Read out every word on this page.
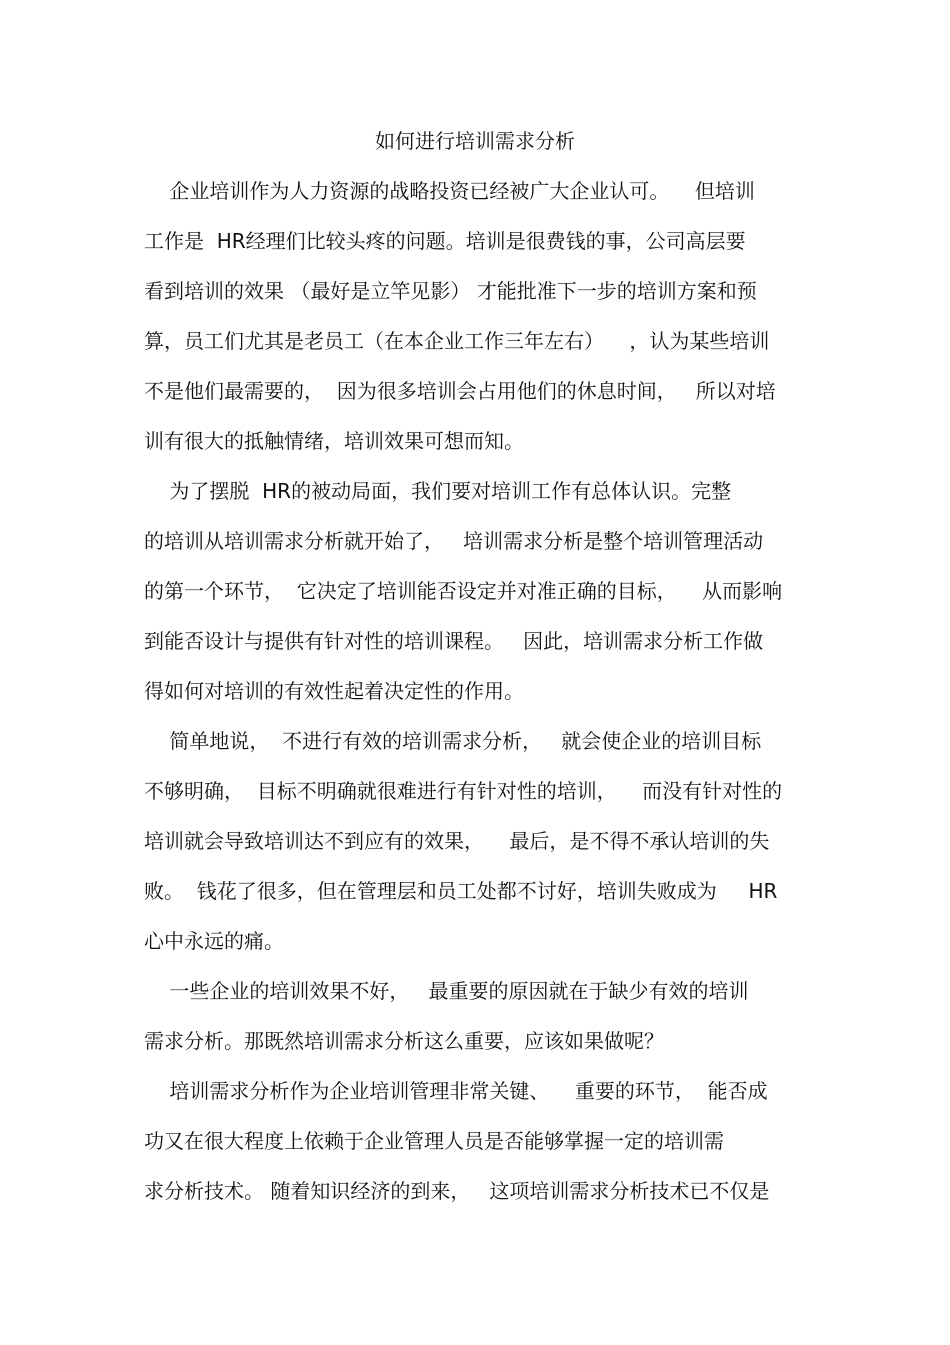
如何进行培训需求分析
企业培训作为人力资源的战略投资已经被广大企业认可。    但培训
工作是  HR经理们比较头疼的问题。培训是很费钱的事，公司高层要
看到培训的效果 （最好是立竿见影） 才能批准下一步的培训方案和预
算，员工们尤其是老员工（在本企业工作三年左右）    ，认为某些培训
不是他们最需要的，  因为很多培训会占用他们的休息时间，   所以对培
训有很大的抵触情绪，培训效果可想而知。
为了摆脱  HR的被动局面，我们要对培训工作有总体认识。完整
的培训从培训需求分析就开始了，   培训需求分析是整个培训管理活动
的第一个环节，  它决定了培训能否设定并对准正确的目标，    从而影响
到能否设计与提供有针对性的培训课程。   因此，培训需求分析工作做
得如何对培训的有效性起着决定性的作用。
简单地说，  不进行有效的培训需求分析，   就会使企业的培训目标
不够明确，  目标不明确就很难进行有针对性的培训，    而没有针对性的
培训就会导致培训达不到应有的效果，    最后，是不得不承认培训的失
败。  钱花了很多，但在管理层和员工处都不讨好，培训失败成为     HR
心中永远的痛。
一些企业的培训效果不好，   最重要的原因就在于缺少有效的培训
需求分析。那既然培训需求分析这么重要，应该如果做呢？
培训需求分析作为企业培训管理非常关键、    重要的环节，  能否成
功又在很大程度上依赖于企业管理人员是否能够掌握一定的培训需
求分析技术。 随着知识经济的到来，   这项培训需求分析技术已不仅是
